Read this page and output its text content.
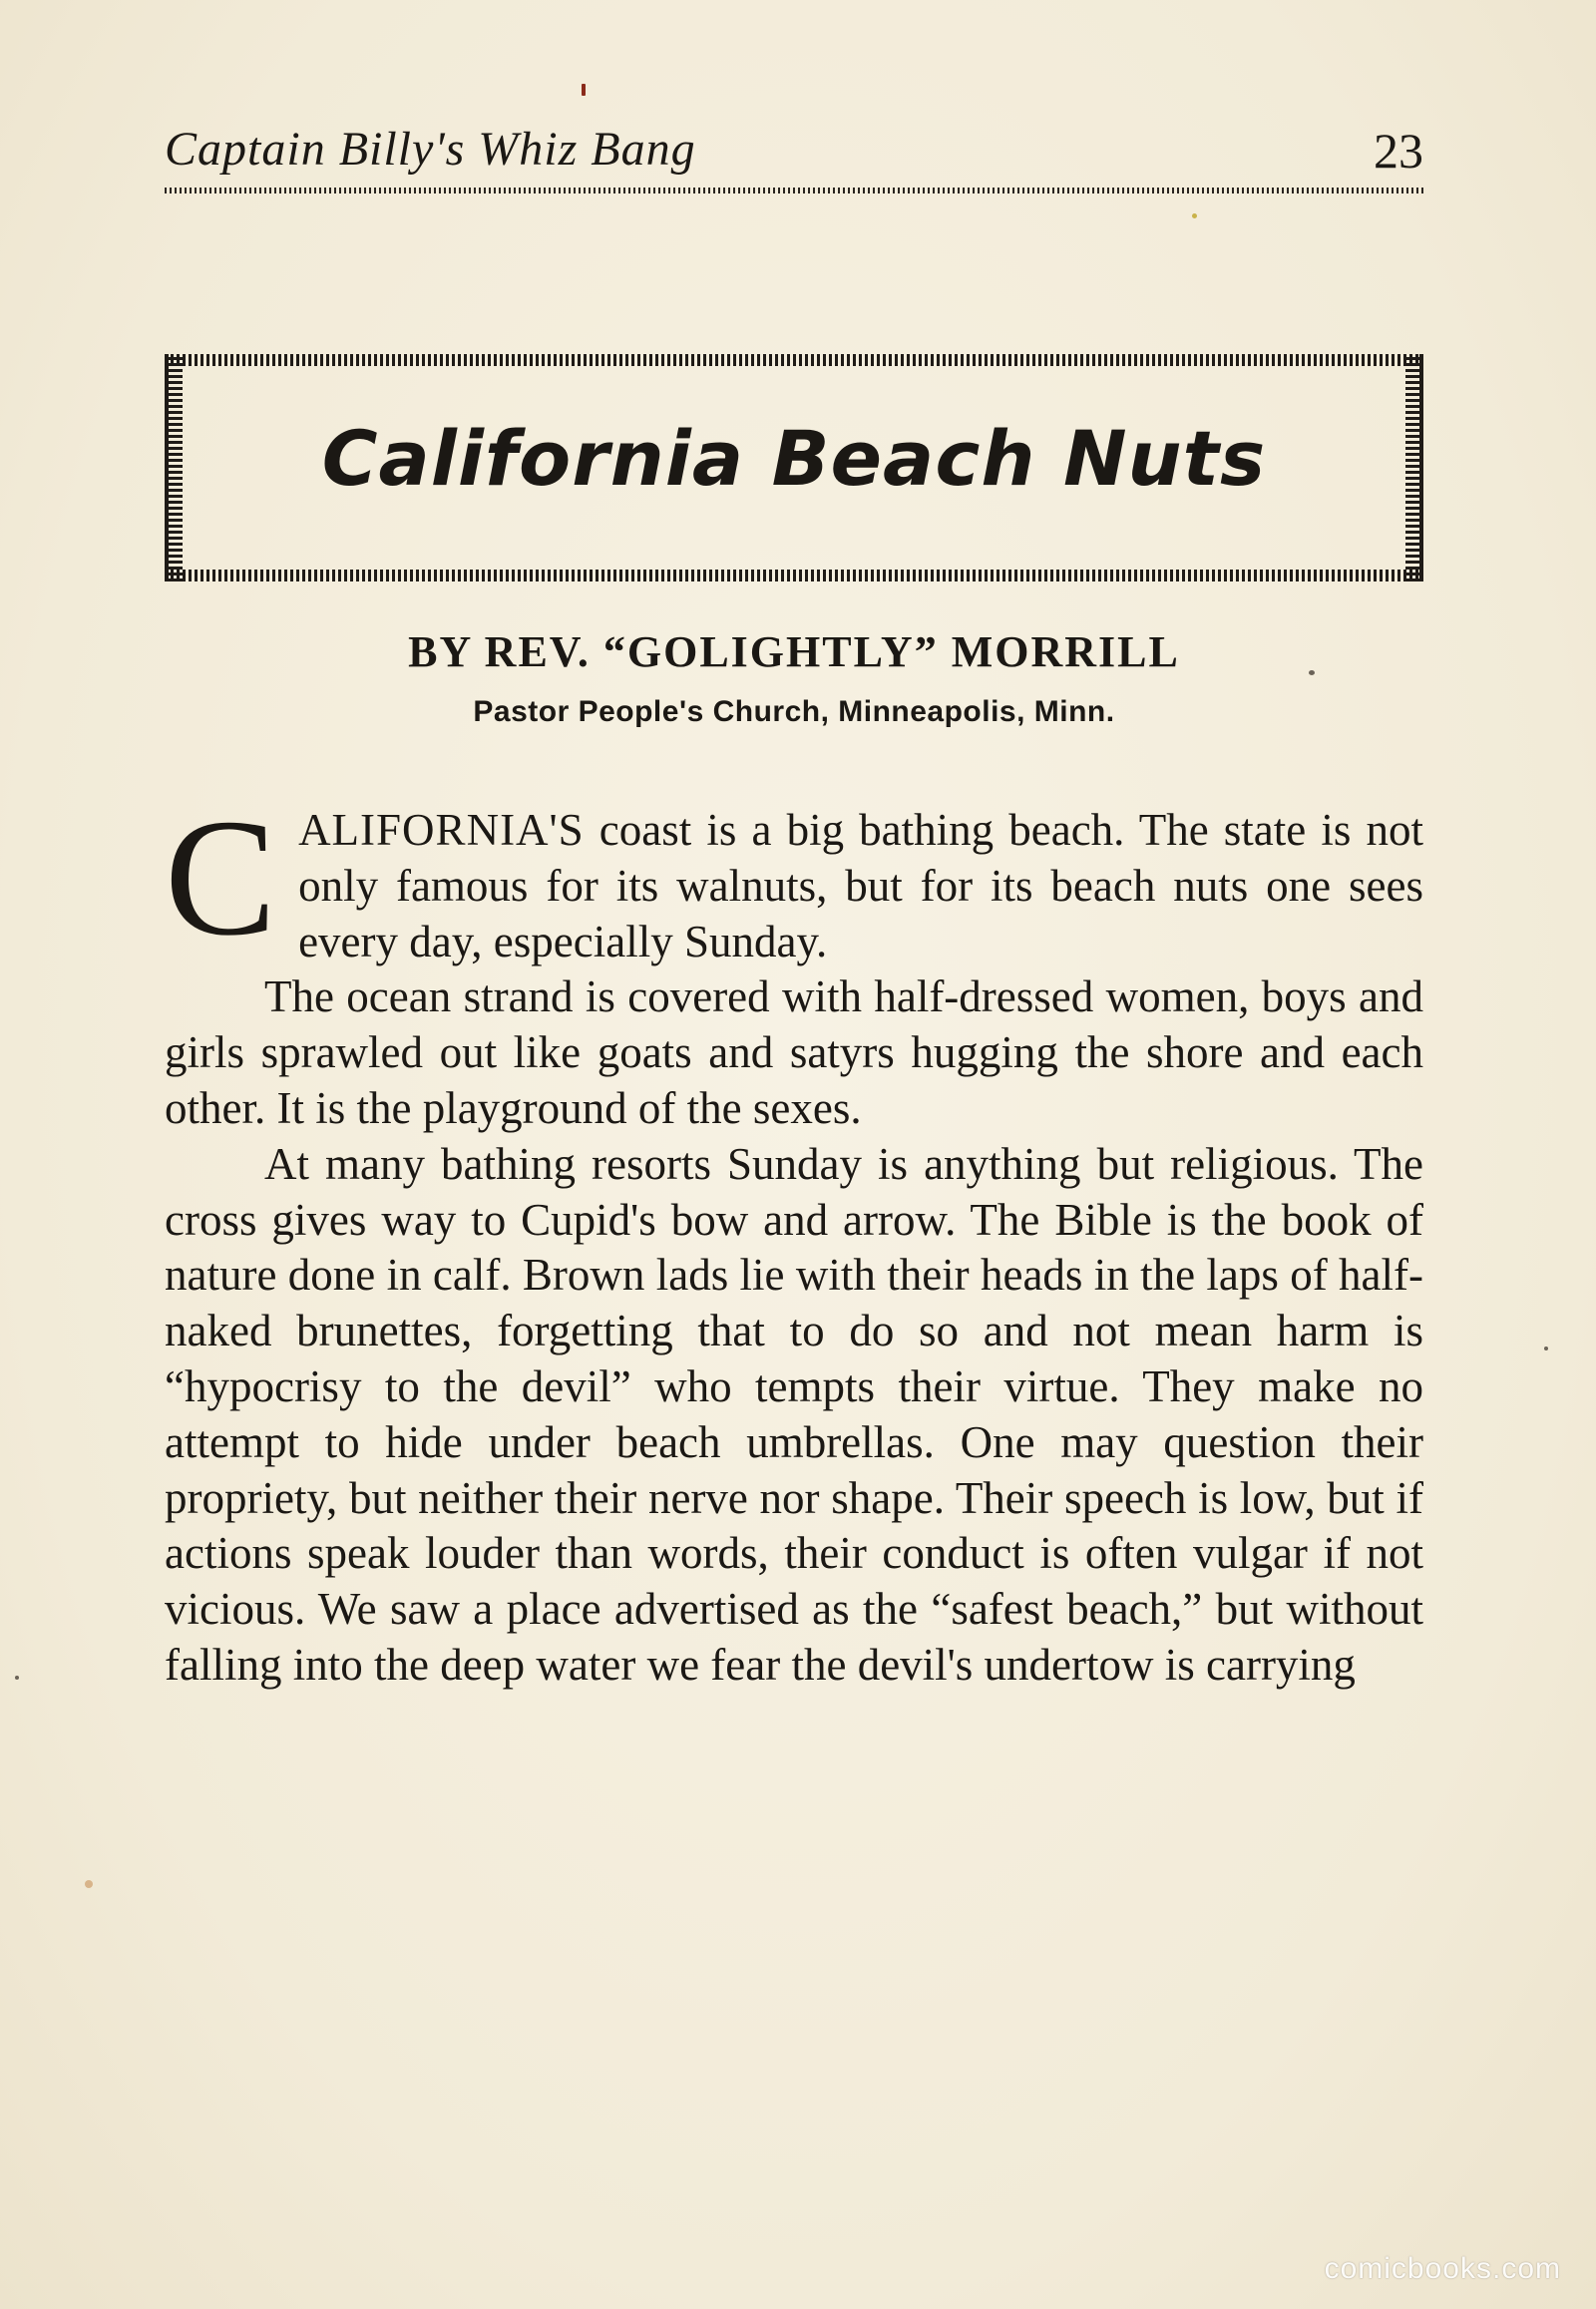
Captain Billy's Whiz Bang	23
California Beach Nuts
BY REV. “GOLIGHTLY” MORRILL
Pastor People's Church, Minneapolis, Minn.

CALIFORNIA'S coast is a big bathing beach. The state is not only famous for its walnuts, but for its beach nuts one sees every day, especially Sunday.

The ocean strand is covered with half-dressed women, boys and girls sprawled out like goats and satyrs hugging the shore and each other. It is the playground of the sexes.

At many bathing resorts Sunday is anything but religious. The cross gives way to Cupid's bow and arrow. The Bible is the book of nature done in calf. Brown lads lie with their heads in the laps of half-naked brunettes, forgetting that to do so and not mean harm is “hypocrisy to the devil” who tempts their virtue. They make no attempt to hide under beach umbrellas. One may question their propriety, but neither their nerve nor shape. Their speech is low, but if actions speak louder than words, their conduct is often vulgar if not vicious. We saw a place advertised as the “safest beach,” but without falling into the deep water we fear the devil's undertow is carrying

comicbooks.com
